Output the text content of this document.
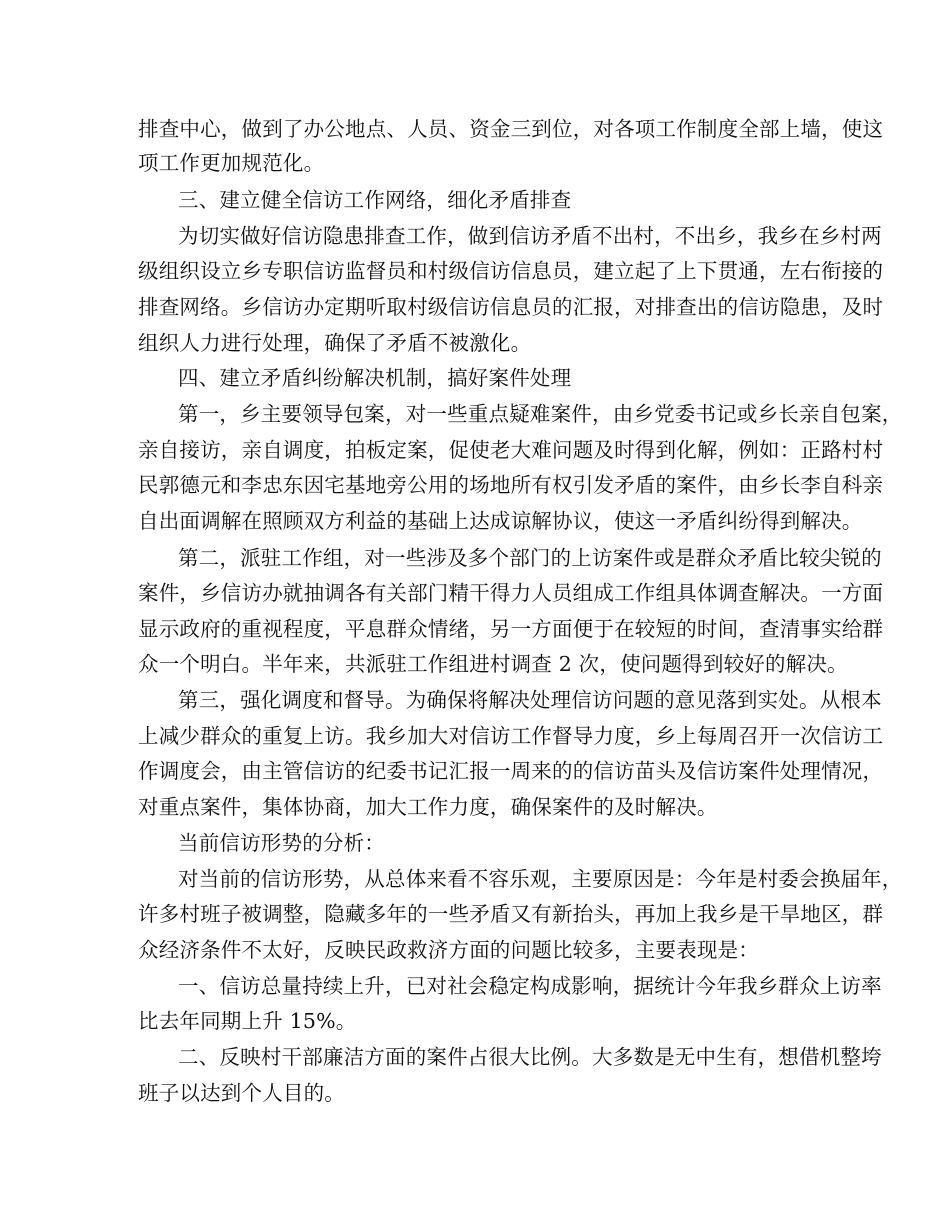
排查中心，做到了办公地点、人员、资金三到位，对各项工作制度全部上墙，使这
项工作更加规范化。
三、建立健全信访工作网络，细化矛盾排查
为切实做好信访隐患排查工作，做到信访矛盾不出村，不出乡，我乡在乡村两
级组织设立乡专职信访监督员和村级信访信息员，建立起了上下贯通，左右衔接的
排查网络。乡信访办定期听取村级信访信息员的汇报，对排查出的信访隐患，及时
组织人力进行处理，确保了矛盾不被激化。
四、建立矛盾纠纷解决机制，搞好案件处理
第一，乡主要领导包案，对一些重点疑难案件，由乡党委书记或乡长亲自包案，
亲自接访，亲自调度，拍板定案，促使老大难问题及时得到化解，例如：正路村村
民郭德元和李忠东因宅基地旁公用的场地所有权引发矛盾的案件，由乡长李自科亲
自出面调解在照顾双方利益的基础上达成谅解协议，使这一矛盾纠纷得到解决。
第二，派驻工作组，对一些涉及多个部门的上访案件或是群众矛盾比较尖锐的
案件，乡信访办就抽调各有关部门精干得力人员组成工作组具体调查解决。一方面
显示政府的重视程度，平息群众情绪，另一方面便于在较短的时间，查清事实给群
众一个明白。半年来，共派驻工作组进村调查 2 次，使问题得到较好的解决。
第三，强化调度和督导。为确保将解决处理信访问题的意见落到实处。从根本
上减少群众的重复上访。我乡加大对信访工作督导力度，乡上每周召开一次信访工
作调度会，由主管信访的纪委书记汇报一周来的的信访苗头及信访案件处理情况，
对重点案件，集体协商，加大工作力度，确保案件的及时解决。
当前信访形势的分析：
对当前的信访形势，从总体来看不容乐观，主要原因是：今年是村委会换届年，
许多村班子被调整，隐藏多年的一些矛盾又有新抬头，再加上我乡是干旱地区，群
众经济条件不太好，反映民政救济方面的问题比较多，主要表现是：
一、信访总量持续上升，已对社会稳定构成影响，据统计今年我乡群众上访率
比去年同期上升 15%。
二、反映村干部廉洁方面的案件占很大比例。大多数是无中生有，想借机整垮
班子以达到个人目的。
